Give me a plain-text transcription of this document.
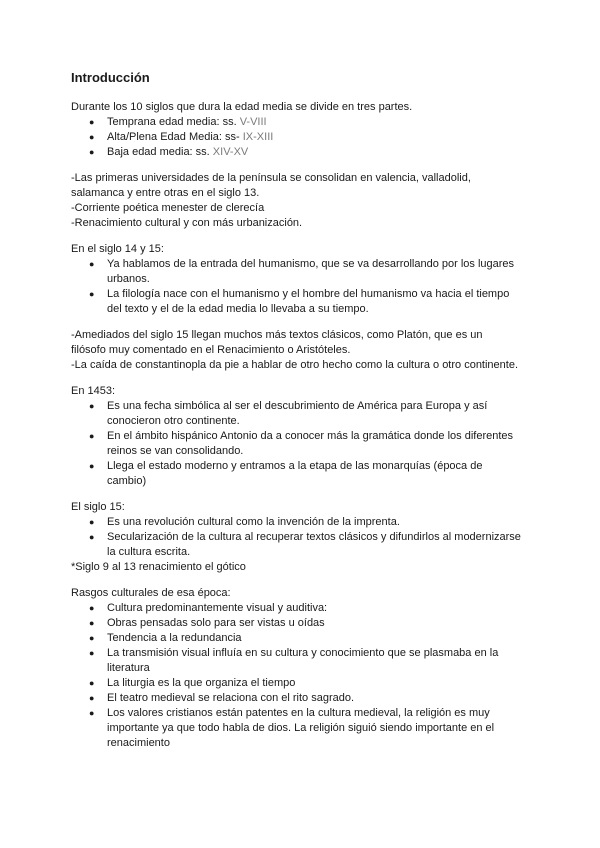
Introducción

Durante los 10 siglos que dura la edad media se divide en tres partes.

● Temprana edad media: ss. V-VIII
● Alta/Plena Edad Media: ss- IX-XIII
● Baja edad media: ss. XIV-XV

-Las primeras universidades de la península se consolidan en valencia, valladolid,

salamanca y entre otras en el siglo 13.

-Corriente poética menester de clerecía

-Renacimiento cultural y con más urbanización.

En el siglo 14 y 15:

● Ya hablamos de la entrada del humanismo, que se va desarrollando por los lugares
urbanos.
● La filología nace con el humanismo y el hombre del humanismo va hacia el tiempo
del texto y el de la edad media lo llevaba a su tiempo.

-Amediados del siglo 15 llegan muchos más textos clásicos, como Platón, que es un

filósofo muy comentado en el Renacimiento o Aristóteles.

-La caída de constantinopla da pie a hablar de otro hecho como la cultura o otro continente.

En 1453:

● Es una fecha simbólica al ser el descubrimiento de América para Europa y así
conocieron otro continente.
● En el ámbito hispánico Antonio da a conocer más la gramática donde los diferentes
reinos se van consolidando.
● Llega el estado moderno y entramos a la etapa de las monarquías (época de
cambio)

El siglo 15:

● Es una revolución cultural como la invención de la imprenta.
● Secularización de la cultura al recuperar textos clásicos y difundirlos al modernizarse
la cultura escrita.

*Siglo 9 al 13 renacimiento el gótico

Rasgos culturales de esa época:

● Cultura predominantemente visual y auditiva:
● Obras pensadas solo para ser vistas u oídas
● Tendencia a la redundancia
● La transmisión visual influía en su cultura y conocimiento que se plasmaba en la
literatura
● La liturgia es la que organiza el tiempo
● El teatro medieval se relaciona con el rito sagrado.
● Los valores cristianos están patentes en la cultura medieval, la religión es muy
importante ya que todo habla de dios. La religión siguió siendo importante en el
renacimiento
